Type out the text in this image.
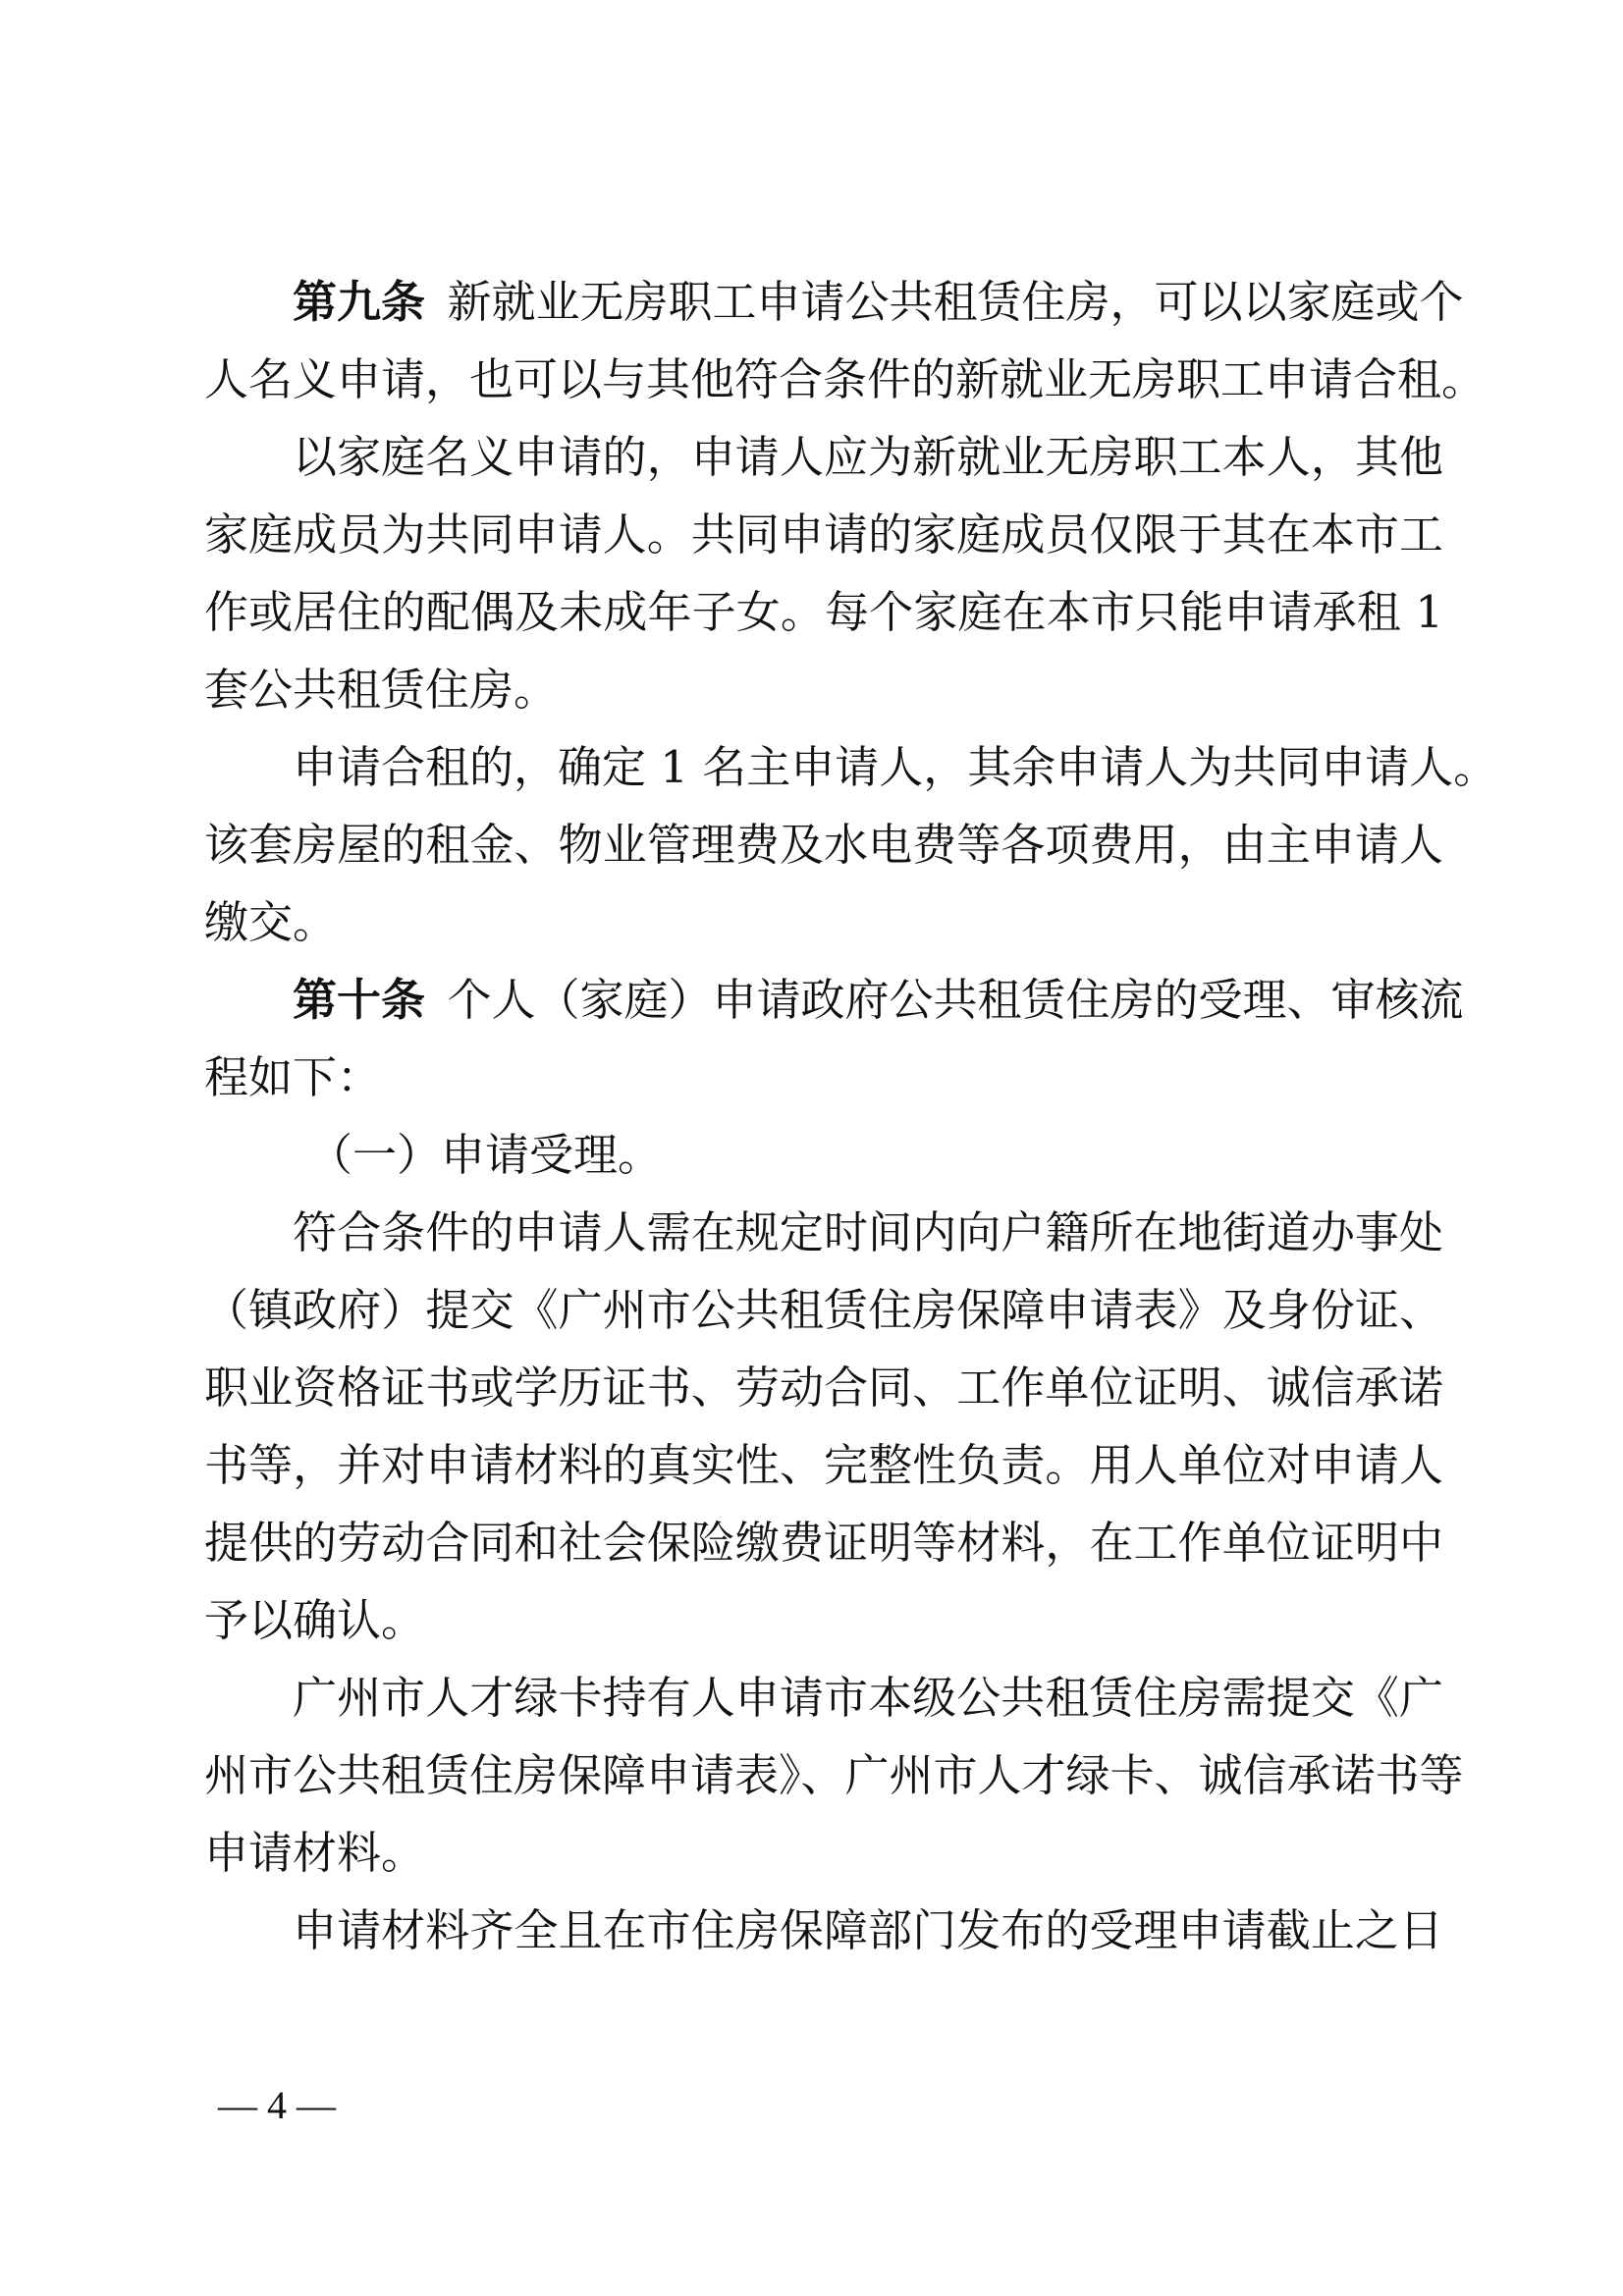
第九条  新就业无房职工申请公共租赁住房，可以以家庭或个
人名义申请，也可以与其他符合条件的新就业无房职工申请合租。
以家庭名义申请的，申请人应为新就业无房职工本人，其他
家庭成员为共同申请人。共同申请的家庭成员仅限于其在本市工
作或居住的配偶及未成年子女。每个家庭在本市只能申请承租 1
套公共租赁住房。
申请合租的，确定 1 名主申请人，其余申请人为共同申请人。
该套房屋的租金、物业管理费及水电费等各项费用，由主申请人
缴交。
第十条  个人（家庭）申请政府公共租赁住房的受理、审核流
程如下：
（一）申请受理。
符合条件的申请人需在规定时间内向户籍所在地街道办事处
（镇政府）提交《广州市公共租赁住房保障申请表》及身份证、
职业资格证书或学历证书、劳动合同、工作单位证明、诚信承诺
书等，并对申请材料的真实性、完整性负责。用人单位对申请人
提供的劳动合同和社会保险缴费证明等材料，在工作单位证明中
予以确认。
广州市人才绿卡持有人申请市本级公共租赁住房需提交《广
州市公共租赁住房保障申请表》、广州市人才绿卡、诚信承诺书等
申请材料。
申请材料齐全且在市住房保障部门发布的受理申请截止之日
— 4 —
